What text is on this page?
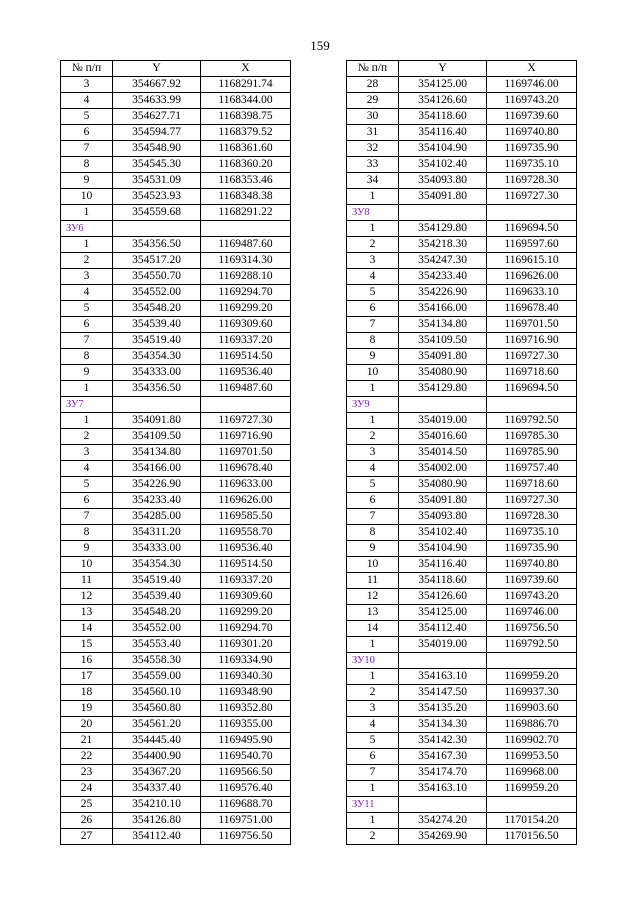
159
№ п/п	Y	X
3	354667.92	1168291.74
4	354633.99	1168344.00
5	354627.71	1168398.75
6	354594.77	1168379.52
7	354548.90	1168361.60
8	354545.30	1168360.20
9	354531.09	1168353.46
10	354523.93	1168348.38
1	354559.68	1168291.22
ЗУ6		
1	354356.50	1169487.60
2	354517.20	1169314.30
3	354550.70	1169288.10
4	354552.00	1169294.70
5	354548.20	1169299.20
6	354539.40	1169309.60
7	354519.40	1169337.20
8	354354.30	1169514.50
9	354333.00	1169536.40
1	354356.50	1169487.60
ЗУ7		
1	354091.80	1169727.30
2	354109.50	1169716.90
3	354134.80	1169701.50
4	354166.00	1169678.40
5	354226.90	1169633.00
6	354233.40	1169626.00
7	354285.00	1169585.50
8	354311.20	1169558.70
9	354333.00	1169536.40
10	354354.30	1169514.50
11	354519.40	1169337.20
12	354539.40	1169309.60
13	354548.20	1169299.20
14	354552.00	1169294.70
15	354553.40	1169301.20
16	354558.30	1169334.90
17	354559.00	1169340.30
18	354560.10	1169348.90
19	354560.80	1169352.80
20	354561.20	1169355.00
21	354445.40	1169495.90
22	354400.90	1169540.70
23	354367.20	1169566.50
24	354337.40	1169576.40
25	354210.10	1169688.70
26	354126.80	1169751.00
27	354112.40	1169756.50
№ п/п	Y	X
28	354125.00	1169746.00
29	354126.60	1169743.20
30	354118.60	1169739.60
31	354116.40	1169740.80
32	354104.90	1169735.90
33	354102.40	1169735.10
34	354093.80	1169728.30
1	354091.80	1169727.30
ЗУ8		
1	354129.80	1169694.50
2	354218.30	1169597.60
3	354247.30	1169615.10
4	354233.40	1169626.00
5	354226.90	1169633.10
6	354166.00	1169678.40
7	354134.80	1169701.50
8	354109.50	1169716.90
9	354091.80	1169727.30
10	354080.90	1169718.60
1	354129.80	1169694.50
ЗУ9		
1	354019.00	1169792.50
2	354016.60	1169785.30
3	354014.50	1169785.90
4	354002.00	1169757.40
5	354080.90	1169718.60
6	354091.80	1169727.30
7	354093.80	1169728.30
8	354102.40	1169735.10
9	354104.90	1169735.90
10	354116.40	1169740.80
11	354118.60	1169739.60
12	354126.60	1169743.20
13	354125.00	1169746.00
14	354112.40	1169756.50
1	354019.00	1169792.50
ЗУ10		
1	354163.10	1169959.20
2	354147.50	1169937.30
3	354135.20	1169903.60
4	354134.30	1169886.70
5	354142.30	1169902.70
6	354167.30	1169953.50
7	354174.70	1169968.00
1	354163.10	1169959.20
ЗУ11		
1	354274.20	1170154.20
2	354269.90	1170156.50
